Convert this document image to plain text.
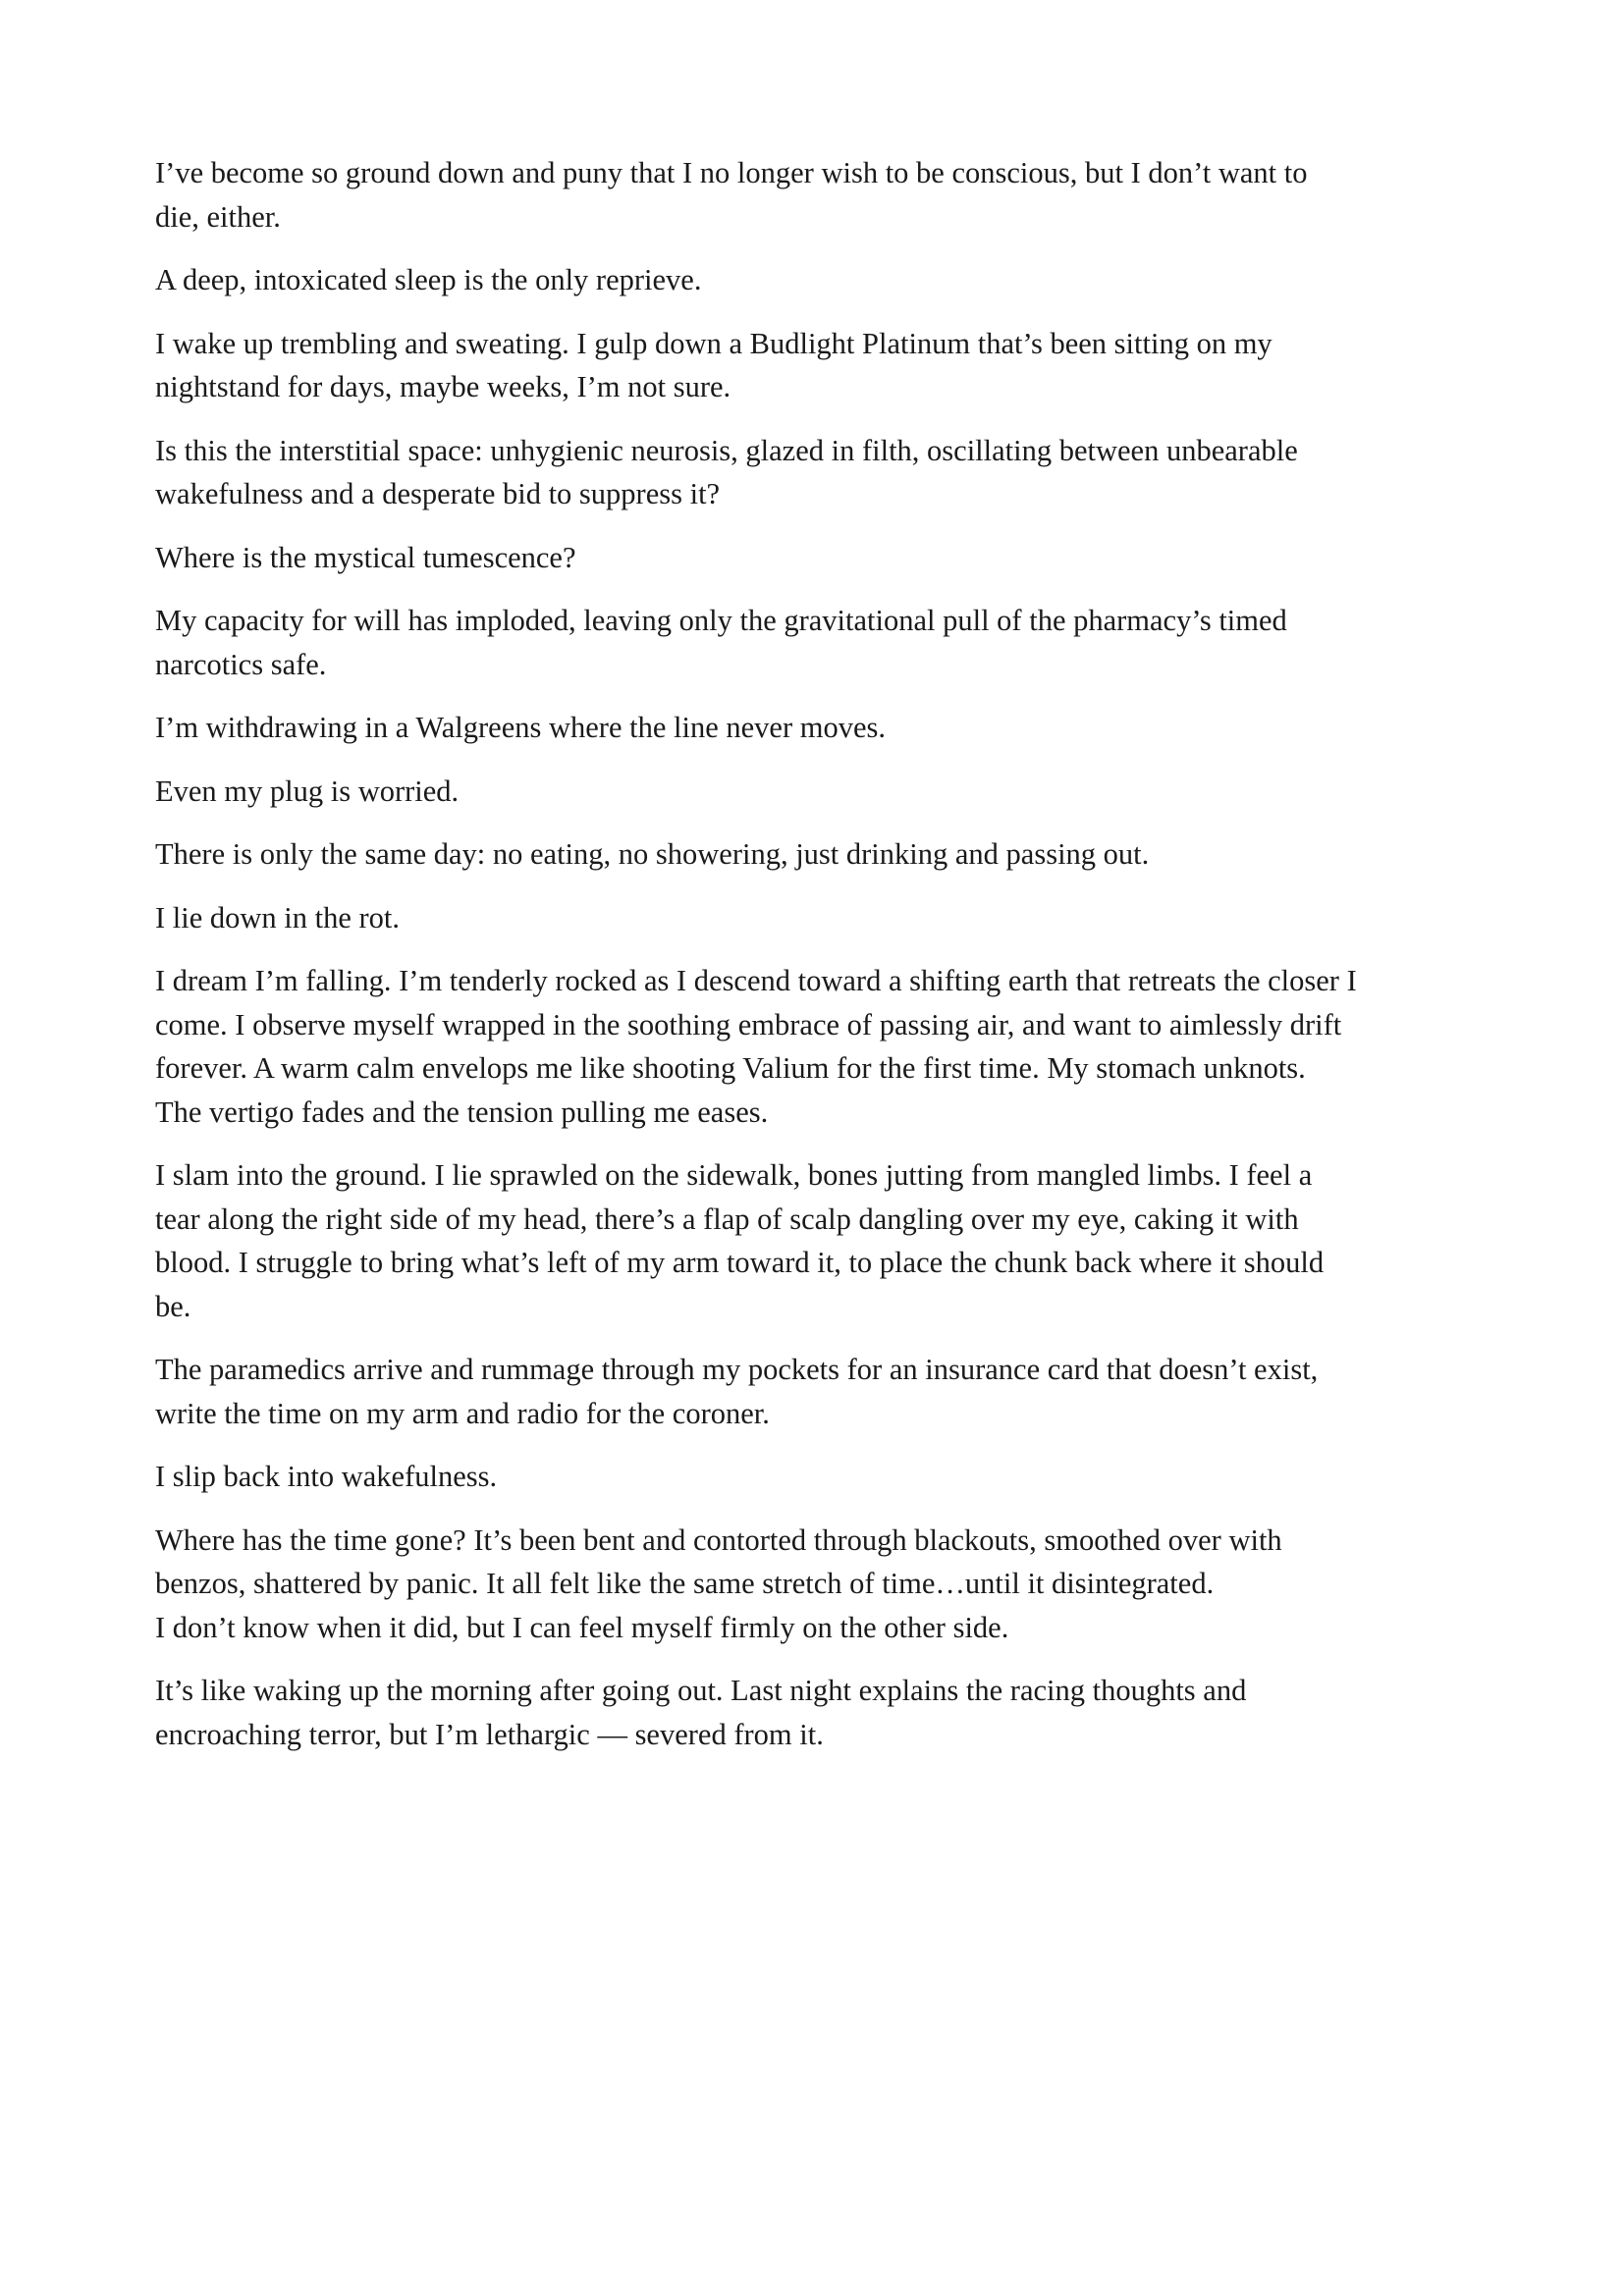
I’ve become so ground down and puny that I no longer wish to be conscious, but I don’t want to
die, either.

A deep, intoxicated sleep is the only reprieve.

I wake up trembling and sweating. I gulp down a Budlight Platinum that’s been sitting on my
nightstand for days, maybe weeks, I’m not sure.

Is this the interstitial space: unhygienic neurosis, glazed in filth, oscillating between unbearable
wakefulness and a desperate bid to suppress it?

Where is the mystical tumescence?

My capacity for will has imploded, leaving only the gravitational pull of the pharmacy’s timed
narcotics safe.

I’m withdrawing in a Walgreens where the line never moves.

Even my plug is worried.

There is only the same day: no eating, no showering, just drinking and passing out.

I lie down in the rot.

I dream I’m falling. I’m tenderly rocked as I descend toward a shifting earth that retreats the closer I
come. I observe myself wrapped in the soothing embrace of passing air, and want to aimlessly drift
forever. A warm calm envelops me like shooting Valium for the first time. My stomach unknots.
The vertigo fades and the tension pulling me eases.

I slam into the ground. I lie sprawled on the sidewalk, bones jutting from mangled limbs. I feel a
tear along the right side of my head, there’s a flap of scalp dangling over my eye, caking it with
blood. I struggle to bring what’s left of my arm toward it, to place the chunk back where it should
be.

The paramedics arrive and rummage through my pockets for an insurance card that doesn’t exist,
write the time on my arm and radio for the coroner.

I slip back into wakefulness.

Where has the time gone? It’s been bent and contorted through blackouts, smoothed over with
benzos, shattered by panic. It all felt like the same stretch of time…until it disintegrated.
I don’t know when it did, but I can feel myself firmly on the other side.

It’s like waking up the morning after going out. Last night explains the racing thoughts and
encroaching terror, but I’m lethargic — severed from it.
